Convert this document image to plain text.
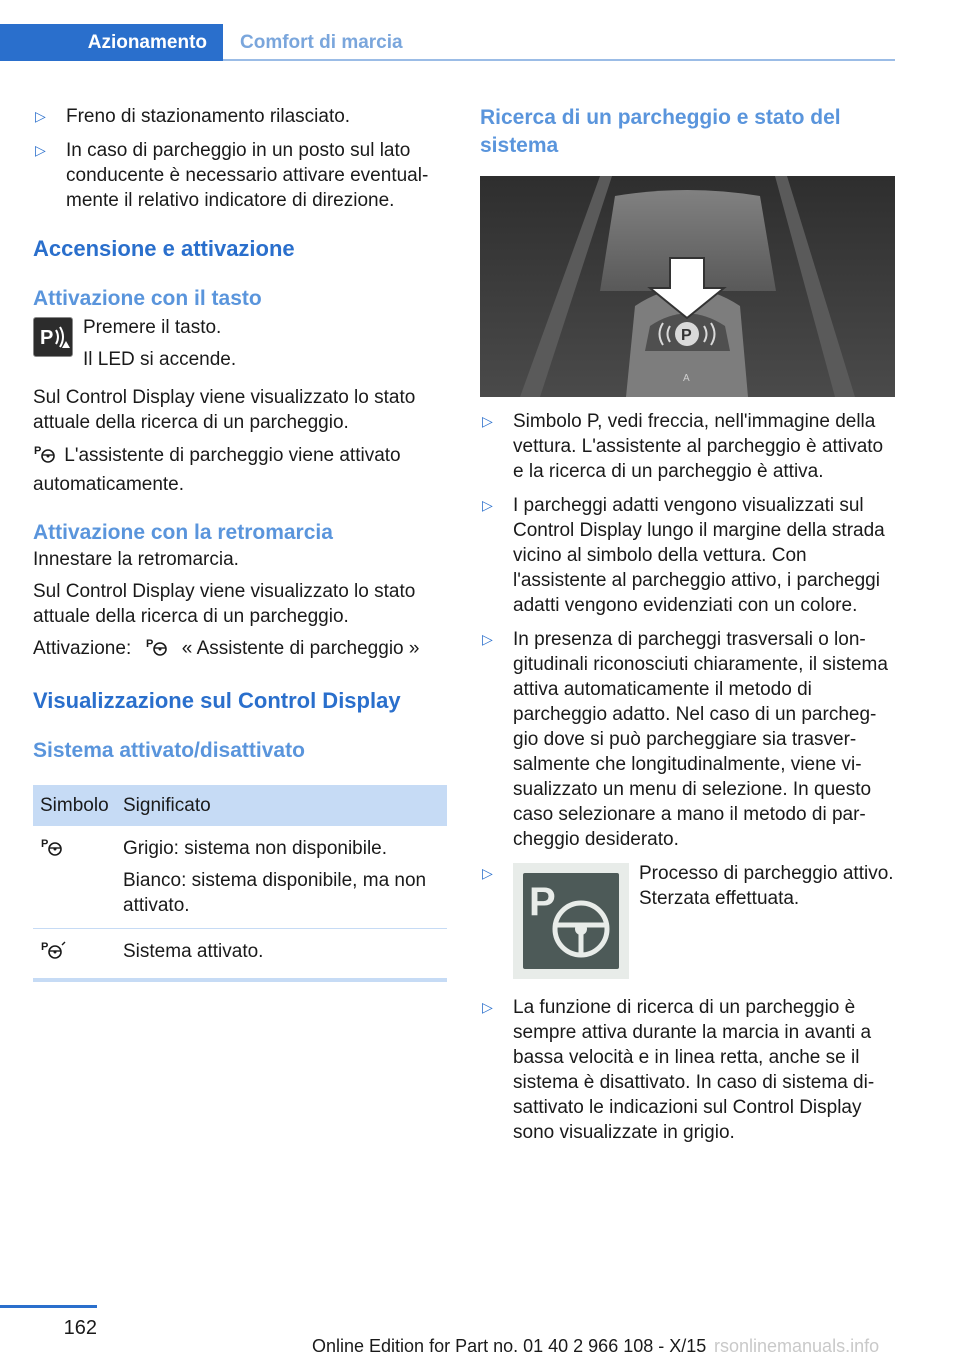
Azionamento	Comfort di marcia
▷ Freno di stazionamento rilasciato.
▷ In caso di parcheggio in un posto sul lato conducente è necessario attivare eventualmente il relativo indicatore di direzione.
Accensione e attivazione
Attivazione con il tasto
P Premere il tasto.

Il LED si accende.

Sul Control Display viene visualizzato lo stato attuale della ricerca di un parcheggio.

P L'assistente di parcheggio viene attivato automaticamente.

Attivazione con la retromarcia

Innestare la retromarcia.

Sul Control Display viene visualizzato lo stato attuale della ricerca di un parcheggio.

Attivazione: P « Assistente di parcheggio »

Visualizzazione sul Control Display
Sistema attivato/disattivato
Simbolo	Significato

P	Grigio: sistema non disponibile.

Bianco: sistema disponibile, ma non attivato.

P	Sistema attivato.
Ricerca di un parcheggio e stato del sistema
P
A
▷ Simbolo P, vedi freccia, nell'immagine della vettura. L'assistente al parcheggio è attivato e la ricerca di un parcheggio è attiva.
▷ I parcheggi adatti vengono visualizzati sul Control Display lungo il margine della strada vicino al simbolo della vettura. Con l'assistente al parcheggio attivo, i parcheggi adatti vengono evidenziati con un colore.
▷ In presenza di parcheggi trasversali o longitudinali riconosciuti chiaramente, il sistema attiva automaticamente il metodo di parcheggio adatto. Nel caso di un parcheggio dove si può parcheggiare sia trasversalmente che longitudinalmente, viene visualizzato un menu di selezione. In questo caso selezionare a mano il metodo di parcheggio desiderato.
▷
P
Processo di parcheggio attivo. Sterzata effettuata.
▷ La funzione di ricerca di un parcheggio è sempre attiva durante la marcia in avanti a bassa velocità e in linea retta, anche se il sistema è disattivato. In caso di sistema disattivato le indicazioni sul Control Display sono visualizzate in grigio.
162
Online Edition for Part no. 01 40 2 966 108 - X/15 rsonlinemanuals.info
